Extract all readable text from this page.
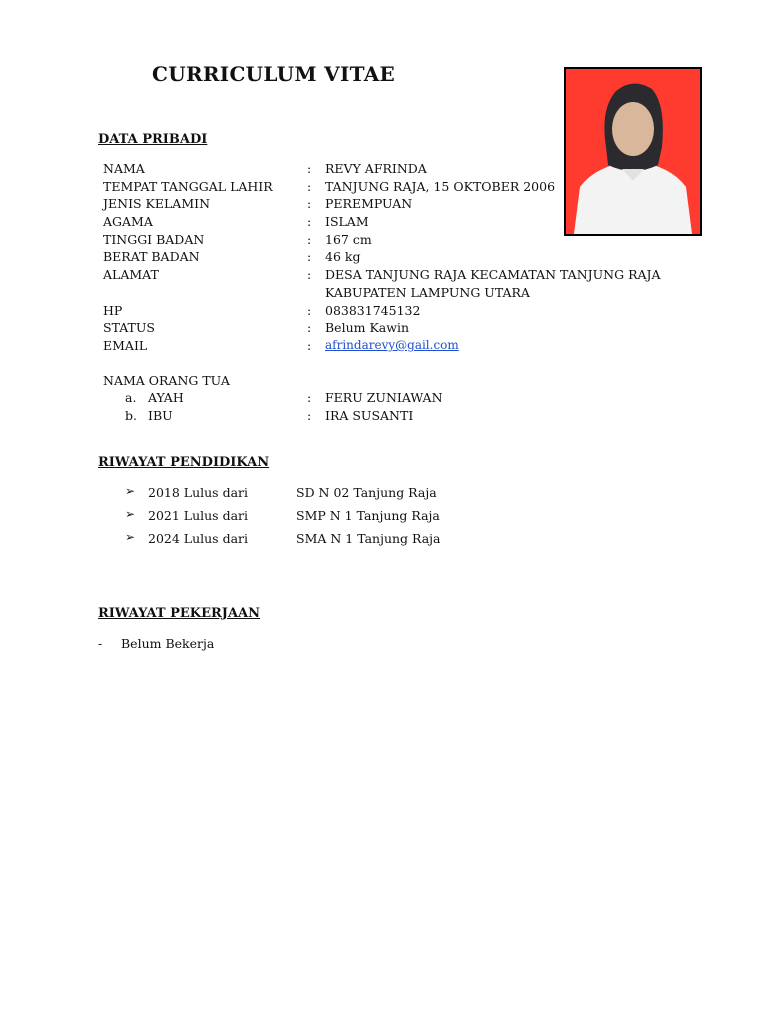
CURRICULUM VITAE
DATA PRIBADI
NAMA	: REVY AFRINDA
TEMPAT TANGGAL LAHIR	: TANJUNG RAJA, 15 OKTOBER 2006
JENIS KELAMIN	: PEREMPUAN
AGAMA	: ISLAM
TINGGI BADAN	: 167 cm
BERAT BADAN	: 46 kg
ALAMAT	: DESA TANJUNG RAJA KECAMATAN TANJUNG RAJA
KABUPATEN LAMPUNG UTARA
HP	: 083831745132
STATUS	: Belum Kawin
EMAIL	: afrindarevy@gail.com
NAMA ORANG TUA
a. AYAH	: FERU ZUNIAWAN
b. IBU	: IRA SUSANTI
RIWAYAT PENDIDIKAN
➢ 2018 Lulus dari	SD N 02 Tanjung Raja
➢ 2021 Lulus dari	SMP N 1 Tanjung Raja
➢ 2024 Lulus dari	SMA N 1 Tanjung Raja
RIWAYAT PEKERJAAN
- Belum Bekerja
